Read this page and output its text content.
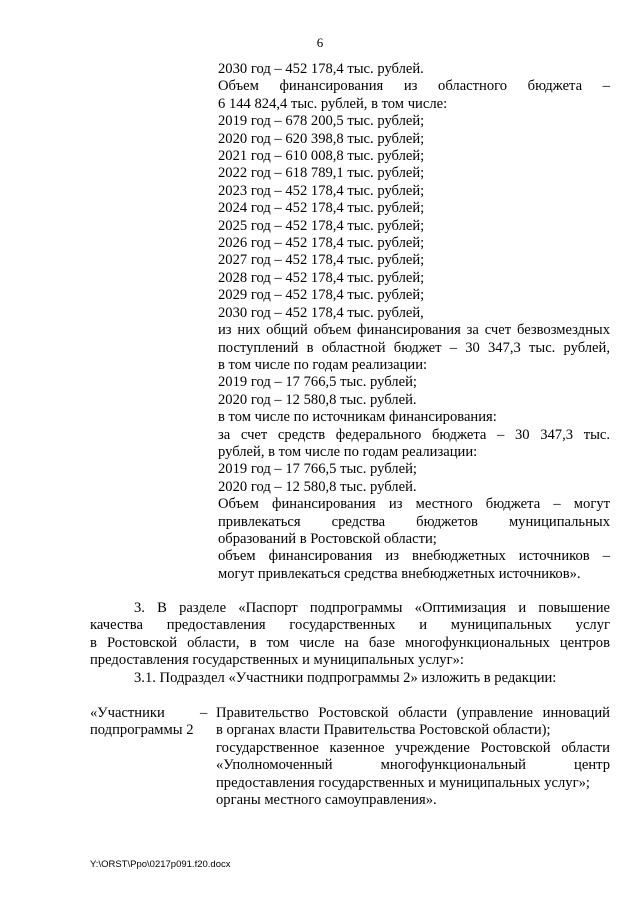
6
2030 год – 452 178,4 тыс. рублей.
Объем финансирования из областного бюджета –
6 144 824,4 тыс. рублей, в том числе:
2019 год – 678 200,5 тыс. рублей;
2020 год – 620 398,8 тыс. рублей;
2021 год – 610 008,8 тыс. рублей;
2022 год – 618 789,1 тыс. рублей;
2023 год – 452 178,4 тыс. рублей;
2024 год – 452 178,4 тыс. рублей;
2025 год – 452 178,4 тыс. рублей;
2026 год – 452 178,4 тыс. рублей;
2027 год – 452 178,4 тыс. рублей;
2028 год – 452 178,4 тыс. рублей;
2029 год – 452 178,4 тыс. рублей;
2030 год – 452 178,4 тыс. рублей,
из них общий объем финансирования за счет безвозмездных
поступлений в областной бюджет – 30 347,3 тыс. рублей,
в том числе по годам реализации:
2019 год – 17 766,5 тыс. рублей;
2020 год – 12 580,8 тыс. рублей.
в том числе по источникам финансирования:
за счет средств федерального бюджета – 30 347,3 тыс.
рублей, в том числе по годам реализации:
2019 год – 17 766,5 тыс. рублей;
2020 год – 12 580,8 тыс. рублей.
Объем финансирования из местного бюджета – могут
привлекаться средства бюджетов муниципальных
образований в Ростовской области;
объем финансирования из внебюджетных источников –
могут привлекаться средства внебюджетных источников».
3. В разделе «Паспорт подпрограммы «Оптимизация и повышение
качества предоставления государственных и муниципальных услуг
в Ростовской области, в том числе на базе многофункциональных центров
предоставления государственных и муниципальных услуг»:
3.1. Подраздел «Участники подпрограммы 2» изложить в редакции:
«Участники
подпрограммы 2
– Правительство Ростовской области (управление инноваций
в органах власти Правительства Ростовской области);
государственное казенное учреждение Ростовской области
«Уполномоченный многофункциональный центр
предоставления государственных и муниципальных услуг»;
органы местного самоуправления».
Y:\ORST\Ppo\0217p091.f20.docx
